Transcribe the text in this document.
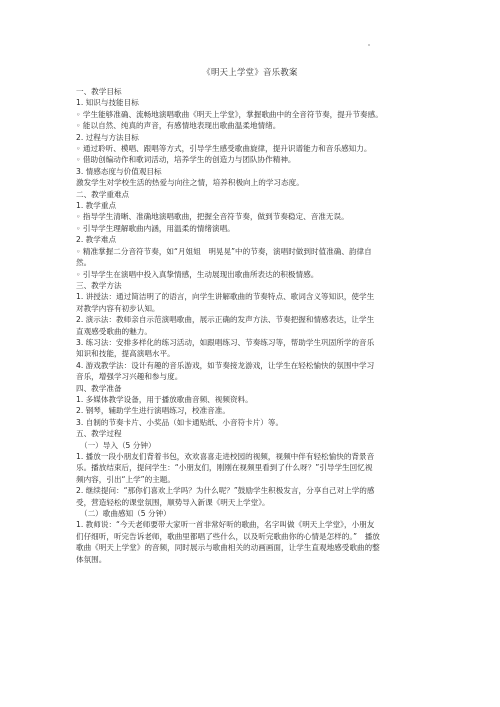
《明天上学堂》音乐教案
一、教学目标
1. 知识与技能目标
◦ 学生能够准确、流畅地演唱歌曲《明天上学堂》，掌握歌曲中的全音符节奏，提升节奏感。
◦ 能以自然、纯真的声音，有感情地表现出歌曲温柔地情绪。
2. 过程与方法目标
◦ 通过聆听、模唱、跟唱等方式，引导学生感受歌曲旋律，提升识谱能力和音乐感知力。
◦ 借助创编动作和歌词活动，培养学生的创造力与团队协作精神。
3. 情感态度与价值观目标
激发学生对学校生活的热爱与向往之情，培养积极向上的学习态度。
二、教学重难点
1. 教学重点
◦ 指导学生清晰、准确地演唱歌曲，把握全音符节奏，做到节奏稳定、音准无误。
◦ 引导学生理解歌曲内涵，用温柔的情绪演唱。
2. 教学难点
◦ 精准掌握二分音符节奏，如“月姐姐　明晃晃”中的节奏，演唱时做到时值准确、韵律自
然。
◦ 引导学生在演唱中投入真挚情感，生动展现出歌曲所表达的积极情感。
三、教学方法
1. 讲授法：通过简洁明了的语言，向学生讲解歌曲的节奏特点、歌词含义等知识，使学生
对教学内容有初步认知。
2. 演示法：教师亲自示范演唱歌曲，展示正确的发声方法、节奏把握和情感表达，让学生
直观感受歌曲的魅力。
3. 练习法：安排多样化的练习活动，如跟唱练习、节奏练习等，帮助学生巩固所学的音乐
知识和技能，提高演唱水平。
4. 游戏教学法：设计有趣的音乐游戏，如节奏接龙游戏，让学生在轻松愉快的氛围中学习
音乐，增强学习兴趣和参与度。
四、教学准备
1. 多媒体教学设备，用于播放歌曲音频、视频资料。
2. 钢琴，辅助学生进行演唱练习，校准音准。
3. 自制的节奏卡片、小奖品（如卡通贴纸、小音符卡片）等。
五、教学过程
（一）导入（5 分钟）
1. 播放一段小朋友们背着书包，欢欢喜喜走进校园的视频，视频中伴有轻松愉快的背景音
乐。播放结束后，提问学生：“小朋友们，刚刚在视频里看到了什么呀？”引导学生回忆视
频内容，引出“上学”的主题。
2. 继续提问：“那你们喜欢上学吗？为什么呢？”鼓励学生积极发言，分享自己对上学的感
受，营造轻松的课堂氛围，顺势导入新课《明天上学堂》。
（二）歌曲感知（5 分钟）
1. 教师说：“今天老师要带大家听一首非常好听的歌曲，名字叫做《明天上学堂》，小朋友
们仔细听，听完告诉老师，歌曲里都唱了些什么，以及听完歌曲你的心情是怎样的。”　播放
歌曲《明天上学堂》的音频，同时展示与歌曲相关的动画画面，让学生直观地感受歌曲的整
体氛围。
